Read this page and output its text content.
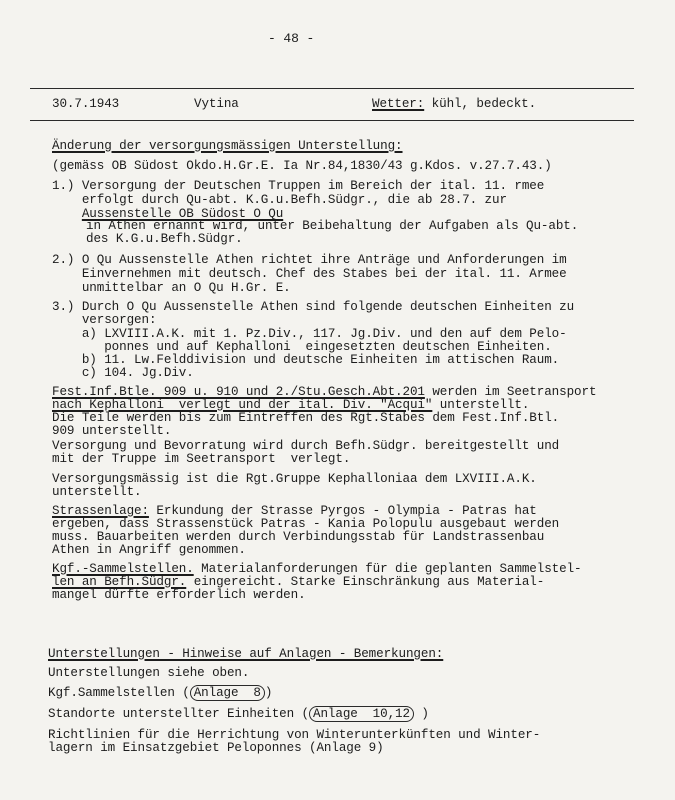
- 48 -
30.7.1943	Vytina	Wetter: kühl, bedeckt.
Änderung der versorgungsmässigen Unterstellung:
(gemäss OB Südost Okdo.H.Gr.E. Ia Nr.84,1830/43 g.Kdos. v.27.7.43.)
1.) Versorgung der Deutschen Truppen im Bereich der ital. 11. rmee
erfolgt durch Qu-abt. K.G.u.Befh.Südgr., die ab 28.7. zur
Aussenstelle OB Südost O Qu
in Athen ernannt wird, unter Beibehaltung der Aufgaben als Qu-abt.
des K.G.u.Befh.Südgr.
2.) O Qu Aussenstelle Athen richtet ihre Anträge und Anforderungen im
Einvernehmen mit deutsch. Chef des Stabes bei der ital. 11. Armee
unmittelbar an O Qu H.Gr. E.
3.) Durch O Qu Aussenstelle Athen sind folgende deutschen Einheiten zu
versorgen:
a) LXVIII.A.K. mit 1. Pz.Div., 117. Jg.Div. und den auf dem Pelo-
ponnes und auf Kephalloni  eingesetzten deutschen Einheiten.
b) 11. Lw.Felddivision und deutsche Einheiten im attischen Raum.
c) 104. Jg.Div.
Fest.Inf.Btle. 909 u. 910 und 2./Stu.Gesch.Abt.201 werden im Seetransport
nach Kephalloni  verlegt und der ital. Div. "Acqui" unterstellt.
Die Teile werden bis zum Eintreffen des Rgt.Stabes dem Fest.Inf.Btl.
909 unterstellt.
Versorgung und Bevorratung wird durch Befh.Südgr. bereitgestellt und
mit der Truppe im Seetransport  verlegt.
Versorgungsmässig ist die Rgt.Gruppe Kephalloniaa dem LXVIII.A.K.
unterstellt.
Strassenlage: Erkundung der Strasse Pyrgos - Olympia - Patras hat
ergeben, dass Strassenstück Patras - Kania Polopulu ausgebaut werden
muss. Bauarbeiten werden durch Verbindungsstab für Landstrassenbau
Athen in Angriff genommen.
Kgf.-Sammelstellen. Materialanforderungen für die geplanten Sammelstel-
len an Befh.Südgr. eingereicht. Starke Einschränkung aus Material-
mangel dürfte erforderlich werden.
Unterstellungen - Hinweise auf Anlagen - Bemerkungen:
Unterstellungen siehe oben.
Kgf.Sammelstellen ( Anlage  8 )
Standorte unterstellter Einheiten ( Anlage  10,12 )
Richtlinien für die Herrichtung von Winterunterkünften und Winter-
lagern im Einsatzgebiet Peloponnes (Anlage 9)
